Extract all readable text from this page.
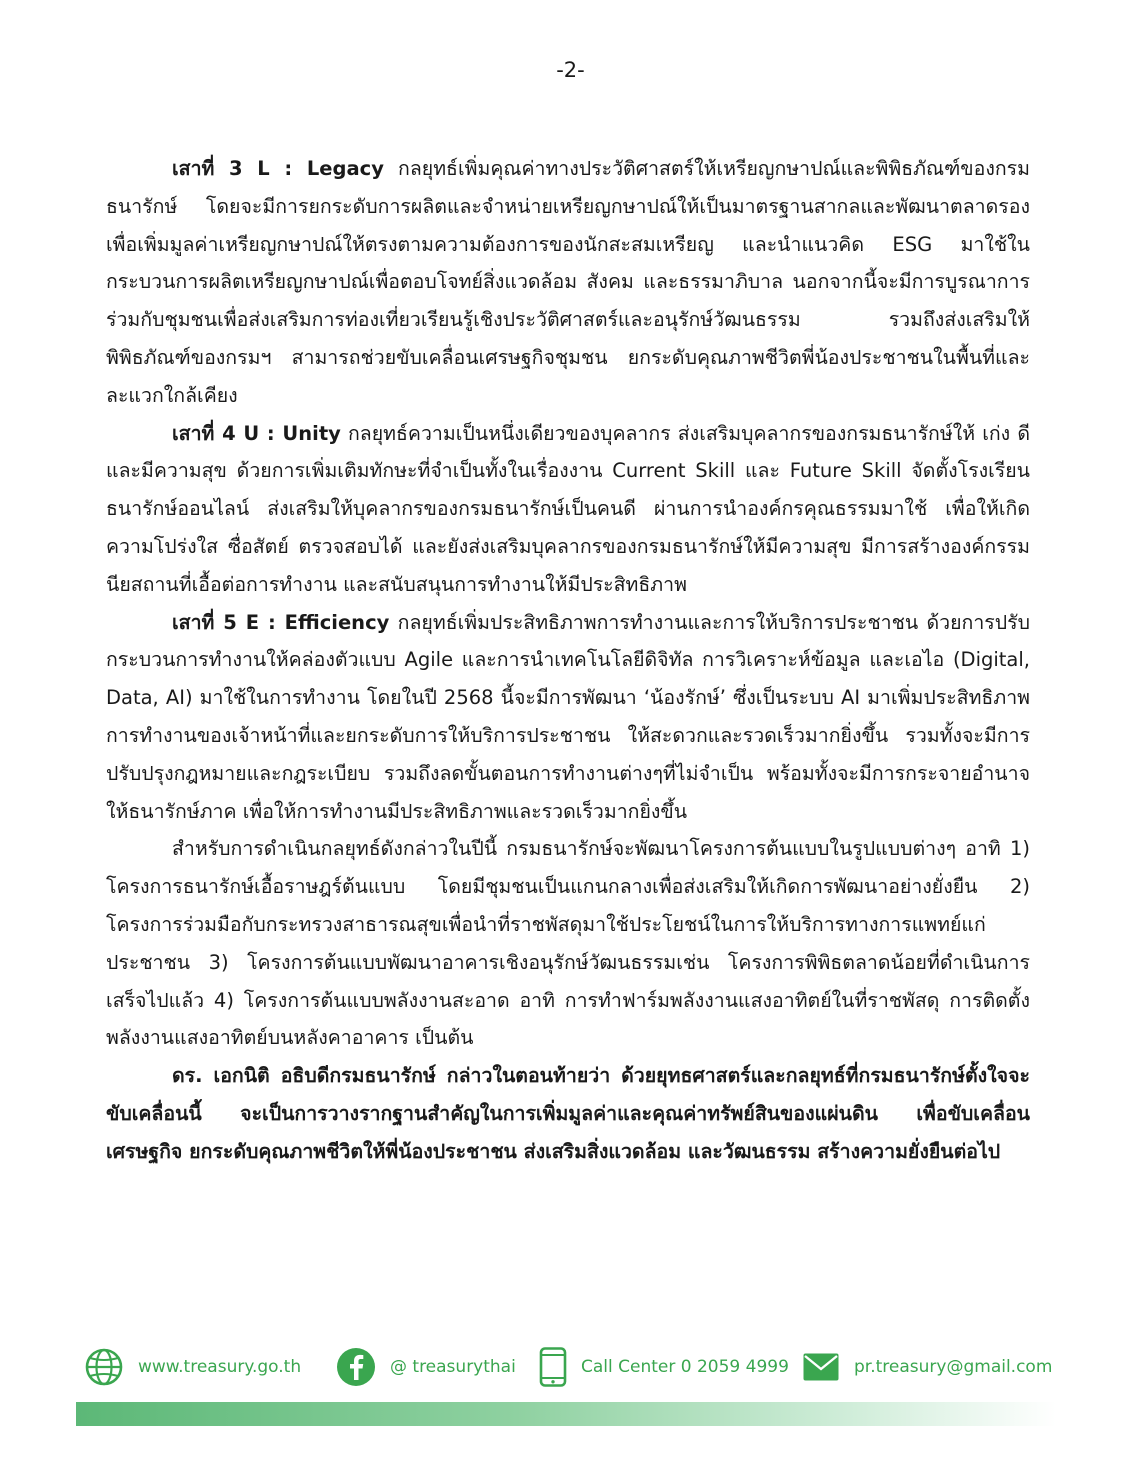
-2-

เสาที่ 3 L : Legacy กลยุทธ์เพิ่มคุณค่าทางประวัติศาสตร์ให้เหรียญกษาปณ์และพิพิธภัณฑ์ของกรมธนารักษ์ โดยจะมีการยกระดับการผลิตและจำหน่ายเหรียญกษาปณ์ให้เป็นมาตรฐานสากลและพัฒนาตลาดรองเพื่อเพิ่มมูลค่าเหรียญกษาปณ์ให้ตรงตามความต้องการของนักสะสมเหรียญ และนำแนวคิด ESG มาใช้ในกระบวนการผลิตเหรียญกษาปณ์เพื่อตอบโจทย์สิ่งแวดล้อม สังคม และธรรมาภิบาล นอกจากนี้จะมีการบูรณาการร่วมกับชุมชนเพื่อส่งเสริมการท่องเที่ยวเรียนรู้เชิงประวัติศาสตร์และอนุรักษ์วัฒนธรรม รวมถึงส่งเสริมให้พิพิธภัณฑ์ของกรมฯ สามารถช่วยขับเคลื่อนเศรษฐกิจชุมชน ยกระดับคุณภาพชีวิตพี่น้องประชาชนในพื้นที่และละแวกใกล้เคียง

เสาที่ 4 U : Unity กลยุทธ์ความเป็นหนึ่งเดียวของบุคลากร ส่งเสริมบุคลากรของกรมธนารักษ์ให้ เก่ง ดี และมีความสุข ด้วยการเพิ่มเติมทักษะที่จำเป็นทั้งในเรื่องงาน Current Skill และ Future Skill จัดตั้งโรงเรียนธนารักษ์ออนไลน์ ส่งเสริมให้บุคลากรของกรมธนารักษ์เป็นคนดี ผ่านการนำองค์กรคุณธรรมมาใช้ เพื่อให้เกิดความโปร่งใส ซื่อสัตย์ ตรวจสอบได้ และยังส่งเสริมบุคลากรของกรมธนารักษ์ให้มีความสุข มีการสร้างองค์กรรมนียสถานที่เอื้อต่อการทำงาน และสนับสนุนการทำงานให้มีประสิทธิภาพ

เสาที่ 5 E : Efficiency กลยุทธ์เพิ่มประสิทธิภาพการทำงานและการให้บริการประชาชน ด้วยการปรับกระบวนการทำงานให้คล่องตัวแบบ Agile และการนำเทคโนโลยีดิจิทัล การวิเคราะห์ข้อมูล และเอไอ (Digital, Data, AI) มาใช้ในการทำงาน โดยในปี 2568 นี้จะมีการพัฒนา ‘น้องรักษ์’ ซึ่งเป็นระบบ AI มาเพิ่มประสิทธิภาพการทำงานของเจ้าหน้าที่และยกระดับการให้บริการประชาชน ให้สะดวกและรวดเร็วมากยิ่งขึ้น รวมทั้งจะมีการปรับปรุงกฎหมายและกฎระเบียบ รวมถึงลดขั้นตอนการทำงานต่างๆที่ไม่จำเป็น พร้อมทั้งจะมีการกระจายอำนาจให้ธนารักษ์ภาค เพื่อให้การทำงานมีประสิทธิภาพและรวดเร็วมากยิ่งขึ้น

สำหรับการดำเนินกลยุทธ์ดังกล่าวในปีนี้ กรมธนารักษ์จะพัฒนาโครงการต้นแบบในรูปแบบต่างๆ อาทิ 1) โครงการธนารักษ์เอื้อราษฎร์ต้นแบบ โดยมีชุมชนเป็นแกนกลางเพื่อส่งเสริมให้เกิดการพัฒนาอย่างยั่งยืน 2) โครงการร่วมมือกับกระทรวงสาธารณสุขเพื่อนำที่ราชพัสดุมาใช้ประโยชน์ในการให้บริการทางการแพทย์แก่ประชาชน 3) โครงการต้นแบบพัฒนาอาคารเชิงอนุรักษ์วัฒนธรรมเช่น โครงการพิพิธตลาดน้อยที่ดำเนินการเสร็จไปแล้ว 4) โครงการต้นแบบพลังงานสะอาด อาทิ การทำฟาร์มพลังงานแสงอาทิตย์ในที่ราชพัสดุ การติดตั้งพลังงานแสงอาทิตย์บนหลังคาอาคาร เป็นต้น

ดร. เอกนิติ อธิบดีกรมธนารักษ์ กล่าวในตอนท้ายว่า ด้วยยุทธศาสตร์และกลยุทธ์ที่กรมธนารักษ์ตั้งใจจะขับเคลื่อนนี้ จะเป็นการวางรากฐานสำคัญในการเพิ่มมูลค่าและคุณค่าทรัพย์สินของแผ่นดิน เพื่อขับเคลื่อนเศรษฐกิจ ยกระดับคุณภาพชีวิตให้พี่น้องประชาชน ส่งเสริมสิ่งแวดล้อม และวัฒนธรรม สร้างความยั่งยืนต่อไป

www.treasury.go.th	@ treasurythai	Call Center 0 2059 4999	pr.treasury@gmail.com
